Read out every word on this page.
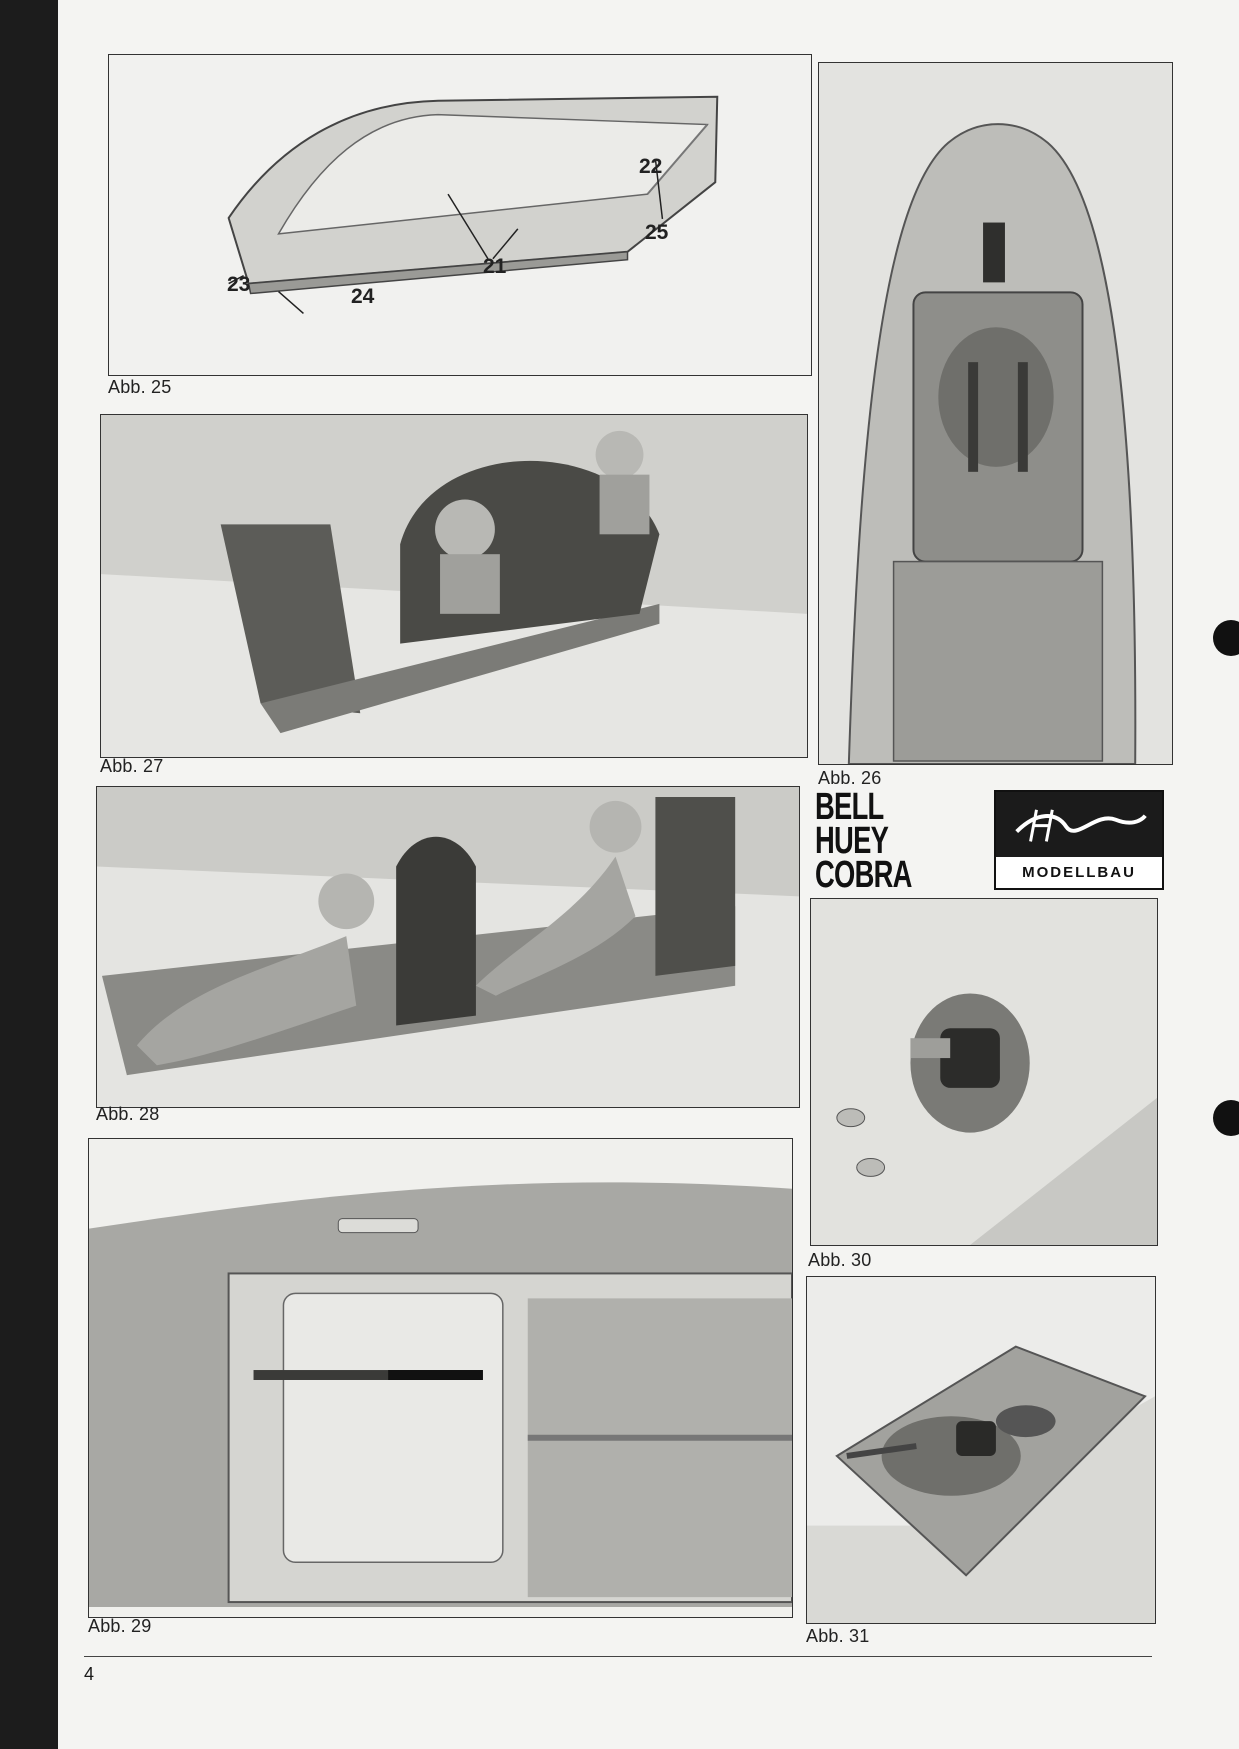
22
25
21
23
24
Abb. 25
Abb. 26
Abb. 27
BELL
HUEY
COBRA	MODELLBAU
Abb. 28
Abb. 30
Abb. 29	Abb. 31
4
